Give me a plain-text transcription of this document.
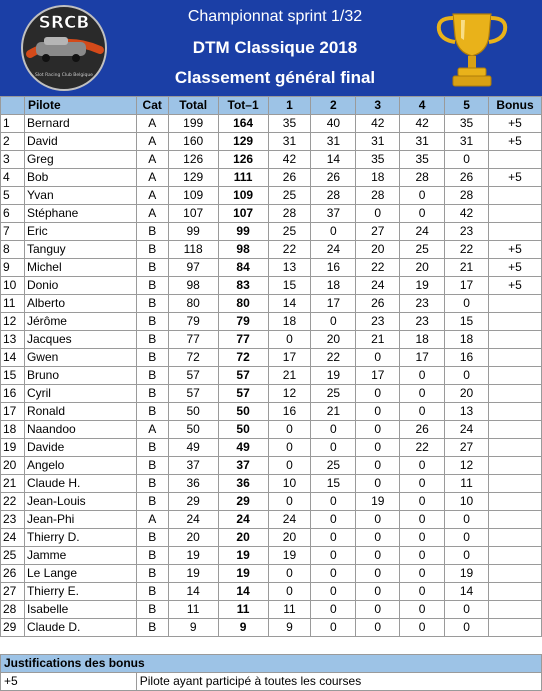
SRCB
Slot Racing Club Belgique
Championnat sprint 1/32
DTM Classique 2018
Classement général final
	Pilote	Cat	Total	Tot–1	1	2	3	4	5	Bonus
1	Bernard	A	199	164	35	40	42	42	35	+5
2	David	A	160	129	31	31	31	31	31	+5
3	Greg	A	126	126	42	14	35	35	0	
4	Bob	A	129	111	26	26	18	28	26	+5
5	Yvan	A	109	109	25	28	28	0	28	
6	Stéphane	A	107	107	28	37	0	0	42	
7	Eric	B	99	99	25	0	27	24	23	
8	Tanguy	B	118	98	22	24	20	25	22	+5
9	Michel	B	97	84	13	16	22	20	21	+5
10	Donio	B	98	83	15	18	24	19	17	+5
11	Alberto	B	80	80	14	17	26	23	0	
12	Jérôme	B	79	79	18	0	23	23	15	
13	Jacques	B	77	77	0	20	21	18	18	
14	Gwen	B	72	72	17	22	0	17	16	
15	Bruno	B	57	57	21	19	17	0	0	
16	Cyril	B	57	57	12	25	0	0	20	
17	Ronald	B	50	50	16	21	0	0	13	
18	Naandoo	A	50	50	0	0	0	26	24	
19	Davide	B	49	49	0	0	0	22	27	
20	Angelo	B	37	37	0	25	0	0	12	
21	Claude H.	B	36	36	10	15	0	0	11	
22	Jean-Louis	B	29	29	0	0	19	0	10	
23	Jean-Phi	A	24	24	24	0	0	0	0	
24	Thierry D.	B	20	20	20	0	0	0	0	
25	Jamme	B	19	19	19	0	0	0	0	
26	Le Lange	B	19	19	0	0	0	0	19	
27	Thierry E.	B	14	14	0	0	0	0	14	
28	Isabelle	B	11	11	11	0	0	0	0	
29	Claude D.	B	9	9	9	0	0	0	0	
Justifications des bonus
+5	Pilote ayant participé à toutes les courses
